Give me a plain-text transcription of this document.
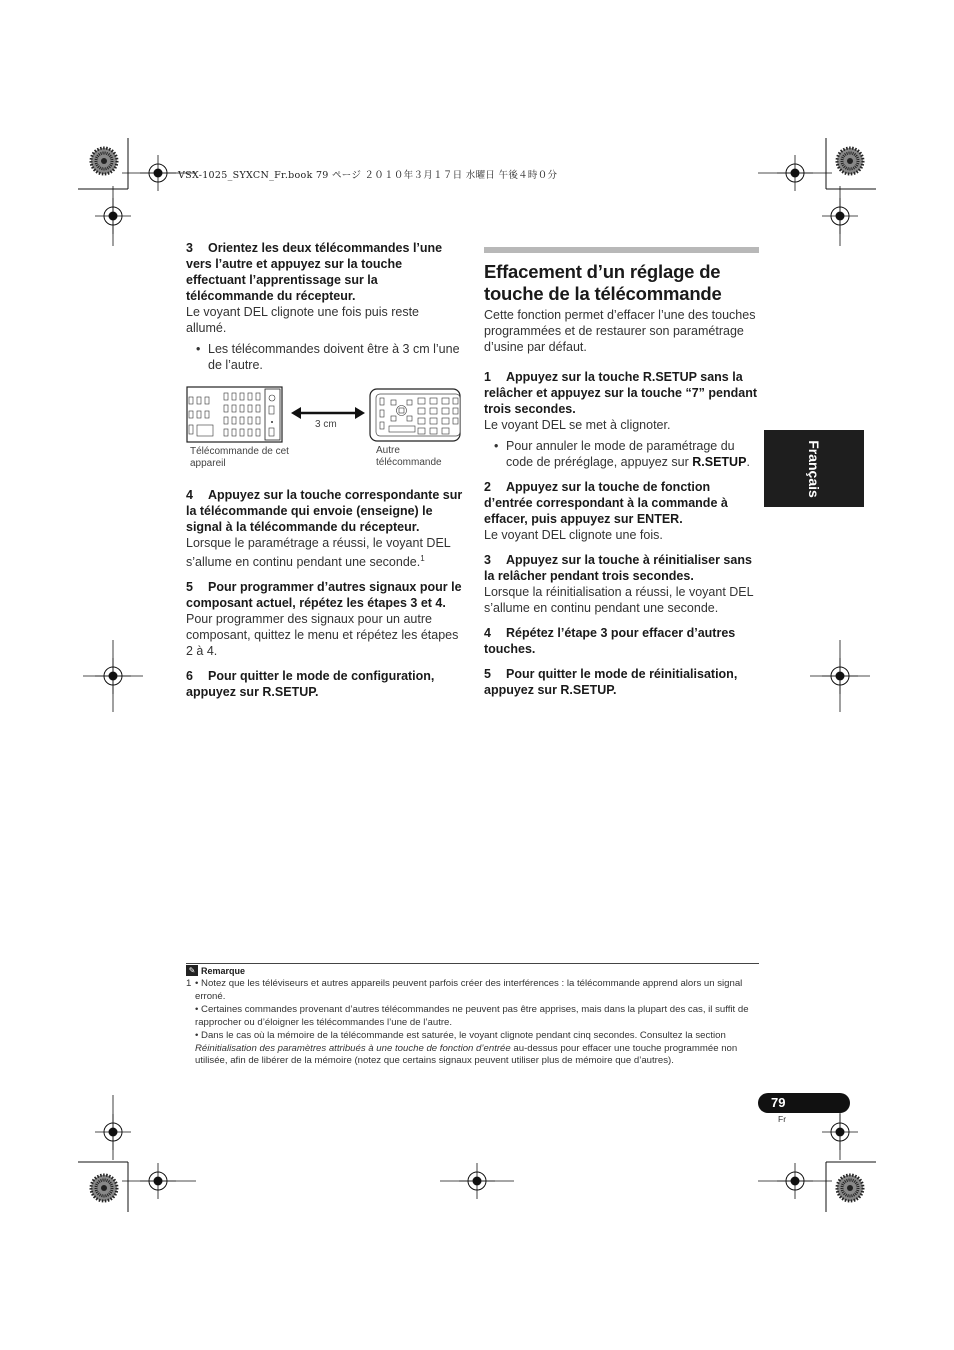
VSX-1025_SYXCN_Fr.book 79 ページ ２０１０年３月１７日 水曜日 午後４時０分

3 Orientez les deux télécommandes l’une vers l’autre et appuyez sur la touche effectuant l’apprentissage sur la télécommande du récepteur.

Le voyant DEL clignote une fois puis reste allumé.

• Les télécommandes doivent être à 3 cm l’une de l’autre.

3 cm
Télécommande de cet appareil
Autre télécommande

4 Appuyez sur la touche correspondante sur la télécommande qui envoie (enseigne) le signal à la télécommande du récepteur.

Lorsque le paramétrage a réussi, le voyant DEL s’allume en continu pendant une seconde.$^1$

5 Pour programmer d’autres signaux pour le composant actuel, répétez les étapes 3 et 4.

Pour programmer des signaux pour un autre composant, quittez le menu et répétez les étapes 2 à 4.

6 Pour quitter le mode de configuration, appuyez sur R.SETUP.

Effacement d’un réglage de touche de la télécommande

Cette fonction permet d’effacer l’une des touches programmées et de restaurer son paramétrage d’usine par défaut.

1 Appuyez sur la touche R.SETUP sans la relâcher et appuyez sur la touche “7” pendant trois secondes.

Le voyant DEL se met à clignoter.

• Pour annuler le mode de paramétrage du code de préréglage, appuyez sur R.SETUP.

2 Appuyez sur la touche de fonction d’entrée correspondant à la commande à effacer, puis appuyez sur ENTER.

Le voyant DEL clignote une fois.

3 Appuyez sur la touche à réinitialiser sans la relâcher pendant trois secondes.

Lorsque la réinitialisation a réussi, le voyant DEL s’allume en continu pendant une seconde.

4 Répétez l’étape 3 pour effacer d’autres touches.

5 Pour quitter le mode de réinitialisation, appuyez sur R.SETUP.

Français
✎ Remarque

1 • Notez que les téléviseurs et autres appareils peuvent parfois créer des interférences : la télécommande apprend alors un signal erroné.

• Certaines commandes provenant d’autres télécommandes ne peuvent pas être apprises, mais dans la plupart des cas, il suffit de rapprocher ou d’éloigner les télécommandes l’une de l’autre.

• Dans le cas où la mémoire de la télécommande est saturée, le voyant clignote pendant cinq secondes. Consultez la section Réinitialisation des paramètres attribués à une touche de fonction d’entrée au-dessus pour effacer une touche programmée non utilisée, afin de libérer de la mémoire (notez que certains signaux peuvent utiliser plus de mémoire que d’autres).

79
Fr
